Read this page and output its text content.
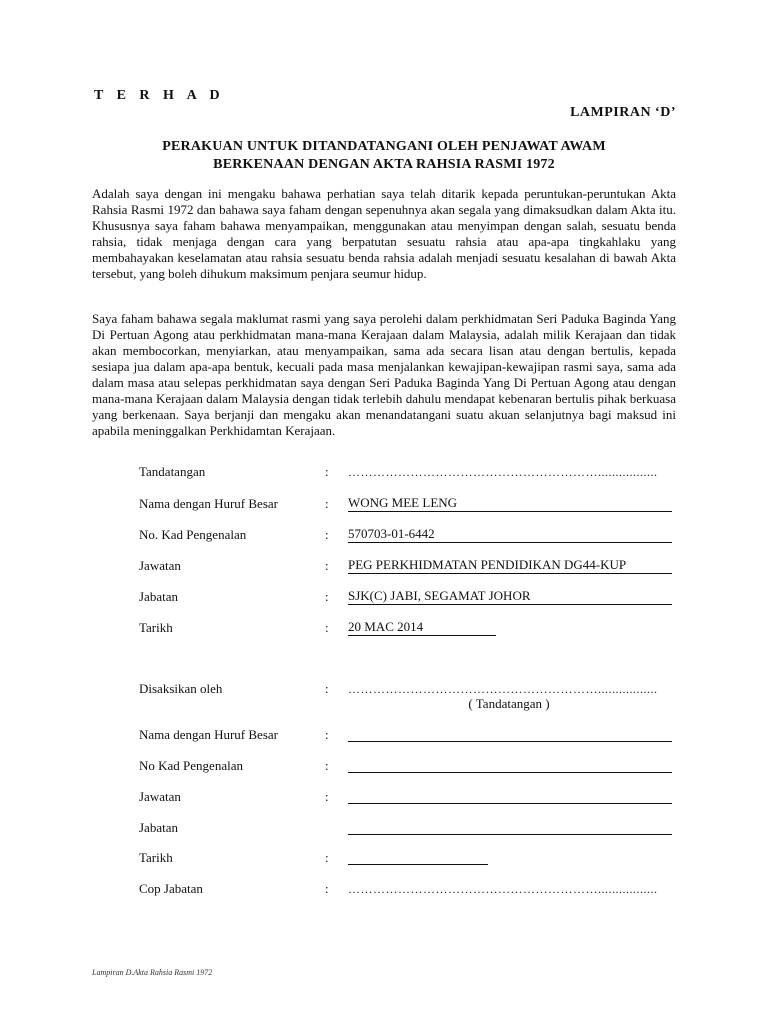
T E R H A D
LAMPIRAN ‘D’
PERAKUAN UNTUK DITANDATANGANI OLEH PENJAWAT AWAM
BERKENAAN DENGAN AKTA RAHSIA RASMI 1972
Adalah saya dengan ini mengaku bahawa perhatian saya telah ditarik kepada peruntukan-peruntukan Akta Rahsia Rasmi 1972 dan bahawa saya faham dengan sepenuhnya akan segala yang dimaksudkan dalam Akta itu. Khususnya saya faham bahawa menyampaikan, menggunakan atau menyimpan dengan salah, sesuatu benda rahsia, tidak menjaga dengan cara yang berpatutan sesuatu rahsia atau apa-apa tingkahlaku yang membahayakan keselamatan atau rahsia sesuatu benda rahsia adalah menjadi sesuatu kesalahan di bawah Akta tersebut, yang boleh dihukum maksimum penjara seumur hidup.
Saya faham bahawa segala maklumat rasmi yang saya perolehi dalam perkhidmatan Seri Paduka Baginda Yang Di Pertuan Agong atau perkhidmatan mana-mana Kerajaan dalam Malaysia, adalah milik Kerajaan dan tidak akan membocorkan, menyiarkan, atau menyampaikan, sama ada secara lisan atau dengan bertulis, kepada sesiapa jua dalam apa-apa bentuk, kecuali pada masa menjalankan kewajipan-kewajipan rasmi saya, sama ada dalam masa atau selepas perkhidmatan saya dengan Seri Paduka Baginda Yang Di Pertuan Agong atau dengan mana-mana Kerajaan dalam Malaysia dengan tidak terlebih dahulu mendapat kebenaran bertulis pihak berkuasa yang berkenaan. Saya berjanji dan mengaku akan menandatangani suatu akuan selanjutnya bagi maksud ini apabila meninggalkan Perkhidamtan Kerajaan.
Tandatangan	: …………………………………………………….................
Nama dengan Huruf Besar	: WONG MEE LENG
No. Kad Pengenalan	: 570703-01-6442
Jawatan	: PEG PERKHIDMATAN PENDIDIKAN DG44-KUP
Jabatan	: SJK(C) JABI, SEGAMAT JOHOR
Tarikh	: 20 MAC 2014
Disaksikan oleh	: …………………………………………………….................
( Tandatangan )
Nama dengan Huruf Besar	:
No Kad Pengenalan	:
Jawatan	:
Jabatan
Tarikh	:
Cop Jabatan	: …………………………………………………….................
Lampiran D.Akta Rahsia Rasmi 1972
